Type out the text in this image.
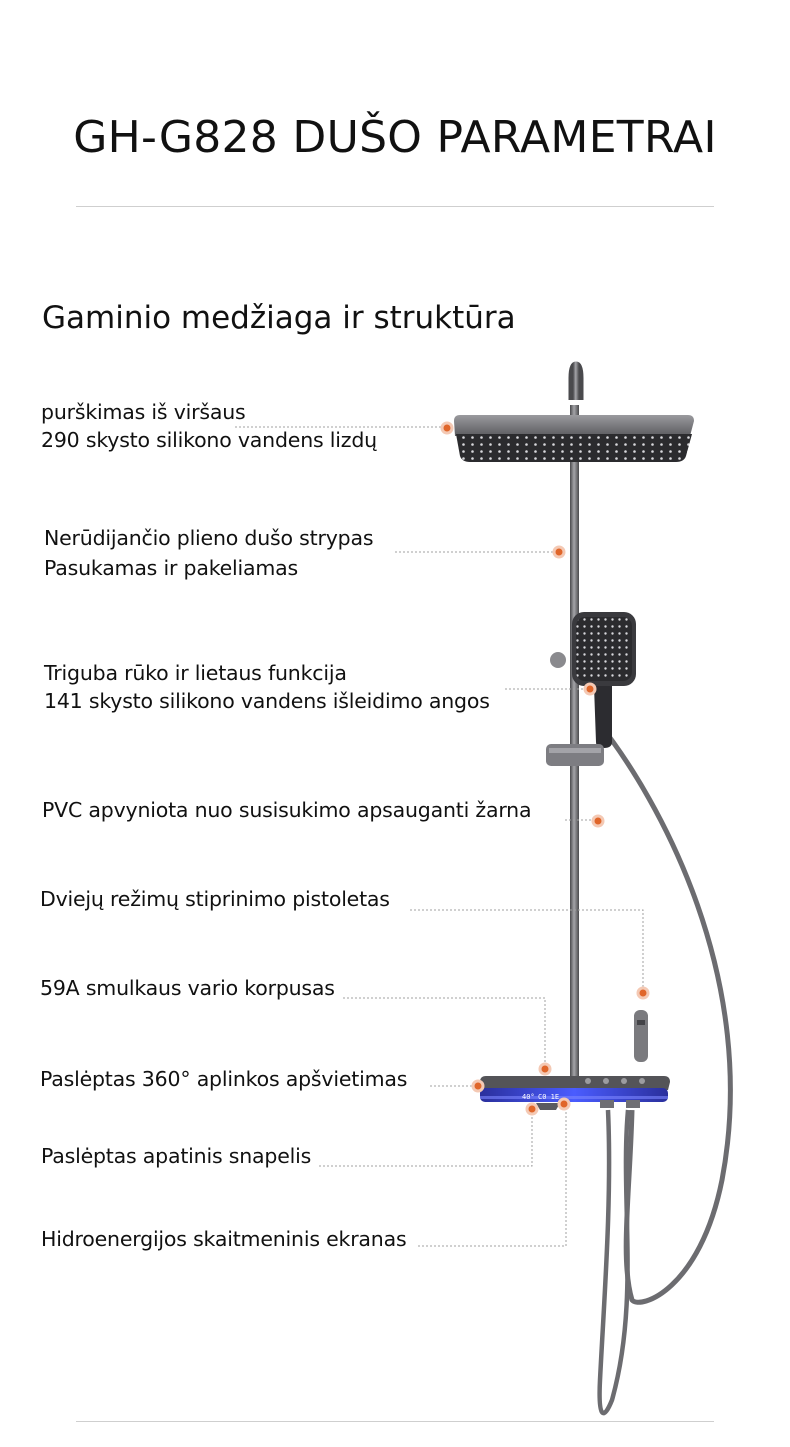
GH-G828 DUŠO PARAMETRAI
Gaminio medžiaga ir struktūra
40° C0 1E
purškimas iš viršaus
290 skysto silikono vandens lizdų
Nerūdijančio plieno dušo strypas
Pasukamas ir pakeliamas
Triguba rūko ir lietaus funkcija
141 skysto silikono vandens išleidimo angos
PVC apvyniota nuo susisukimo apsauganti žarna
Dviejų režimų stiprinimo pistoletas
59A smulkaus vario korpusas
Paslėptas 360° aplinkos apšvietimas
Paslėptas apatinis snapelis
Hidroenergijos skaitmeninis ekranas
